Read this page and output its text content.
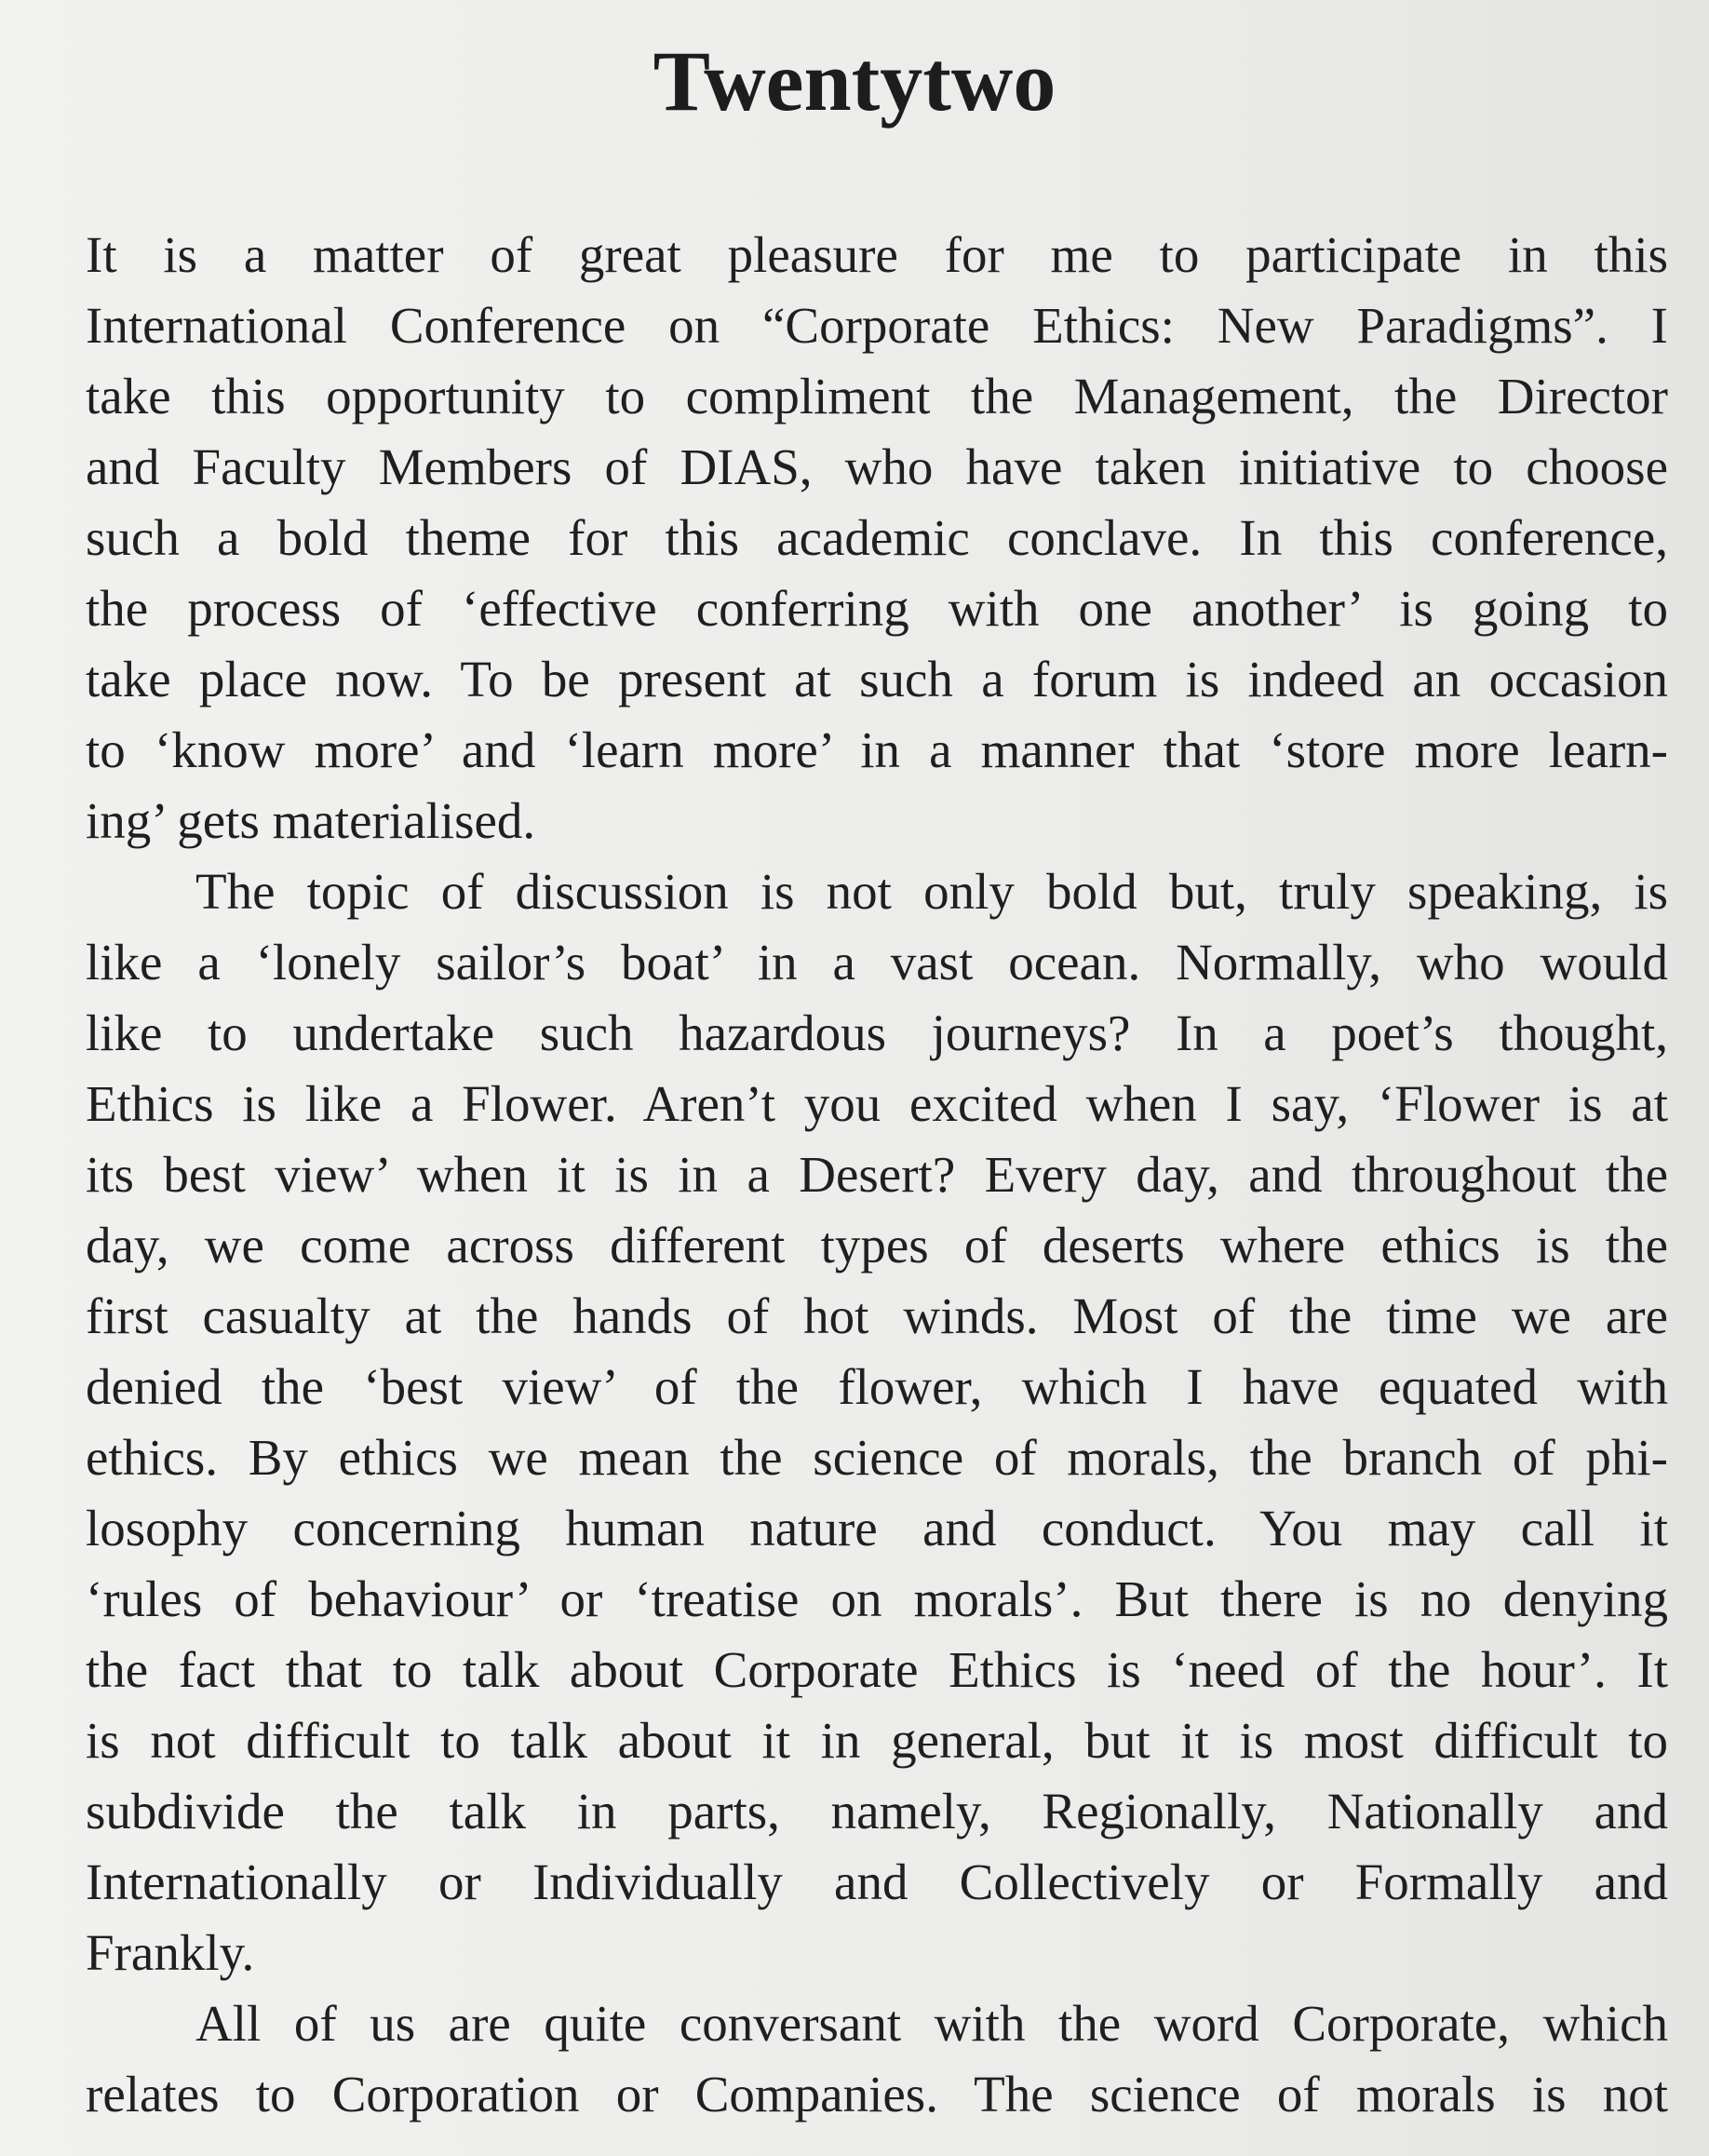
Twentytwo
It is a matter of great pleasure for me to participate in this
International Conference on “Corporate Ethics: New Paradigms”. I
take this opportunity to compliment the Management, the Director
and Faculty Members of DIAS, who have taken initiative to choose
such a bold theme for this academic conclave. In this conference,
the process of ‘effective conferring with one another’ is going to
take place now. To be present at such a forum is indeed an occasion
to ‘know more’ and ‘learn more’ in a manner that ‘store more learn-
ing’ gets materialised.
The topic of discussion is not only bold but, truly speaking, is
like a ‘lonely sailor’s boat’ in a vast ocean. Normally, who would
like to undertake such hazardous journeys? In a poet’s thought,
Ethics is like a Flower. Aren’t you excited when I say, ‘Flower is at
its best view’ when it is in a Desert? Every day, and throughout the
day, we come across different types of deserts where ethics is the
first casualty at the hands of hot winds. Most of the time we are
denied the ‘best view’ of the flower, which I have equated with
ethics. By ethics we mean the science of morals, the branch of phi-
losophy concerning human nature and conduct. You may call it
‘rules of behaviour’ or ‘treatise on morals’. But there is no denying
the fact that to talk about Corporate Ethics is ‘need of the hour’. It
is not difficult to talk about it in general, but it is most difficult to
subdivide the talk in parts, namely, Regionally, Nationally and
Internationally or Individually and Collectively or Formally and
Frankly.
All of us are quite conversant with the word Corporate, which
relates to Corporation or Companies. The science of morals is not
